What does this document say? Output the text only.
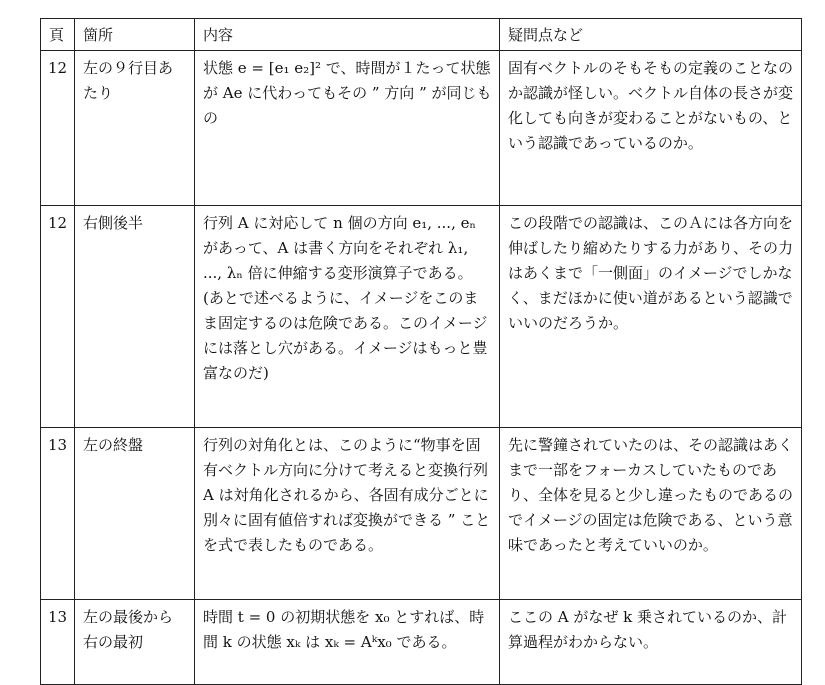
頁	箇所	内容	疑問点など
12	左の９行目あたり	状態 e = [e₁ e₂]² で、時間が１たって状態が Ae に代わってもその ” 方向 ” が同じもの	固有ベクトルのそもそもの定義のことなのか認識が怪しい。ベクトル自体の長さが変化しても向きが変わることがないもの、という認識であっているのか。
12	右側後半	行列 A に対応して n 個の方向 e₁, ..., eₙ があって、A は書く方向をそれぞれ λ₁, ..., λₙ 倍に伸縮する変形演算子である。(あとで述べるように、イメージをこのまま固定するのは危険である。このイメージには落とし穴がある。イメージはもっと豊富なのだ)	この段階での認識は、このＡには各方向を伸ばしたり縮めたりする力があり、その力はあくまで「一側面」のイメージでしかなく、まだほかに使い道があるという認識でいいのだろうか。
13	左の終盤	行列の対角化とは、このように“物事を固有ベクトル方向に分けて考えると変換行列 A は対角化されるから、各固有成分ごとに別々に固有値倍すれば変換ができる ” ことを式で表したものである。	先に警鐘されていたのは、その認識はあくまで一部をフォーカスしていたものであり、全体を見ると少し違ったものであるのでイメージの固定は危険である、という意味であったと考えていいのか。
13	左の最後から右の最初	時間 t = 0 の初期状態を x₀ とすれば、時間 k の状態 xₖ は xₖ = Aᵏx₀ である。	ここの A がなぜ k 乗されているのか、計算過程がわからない。
